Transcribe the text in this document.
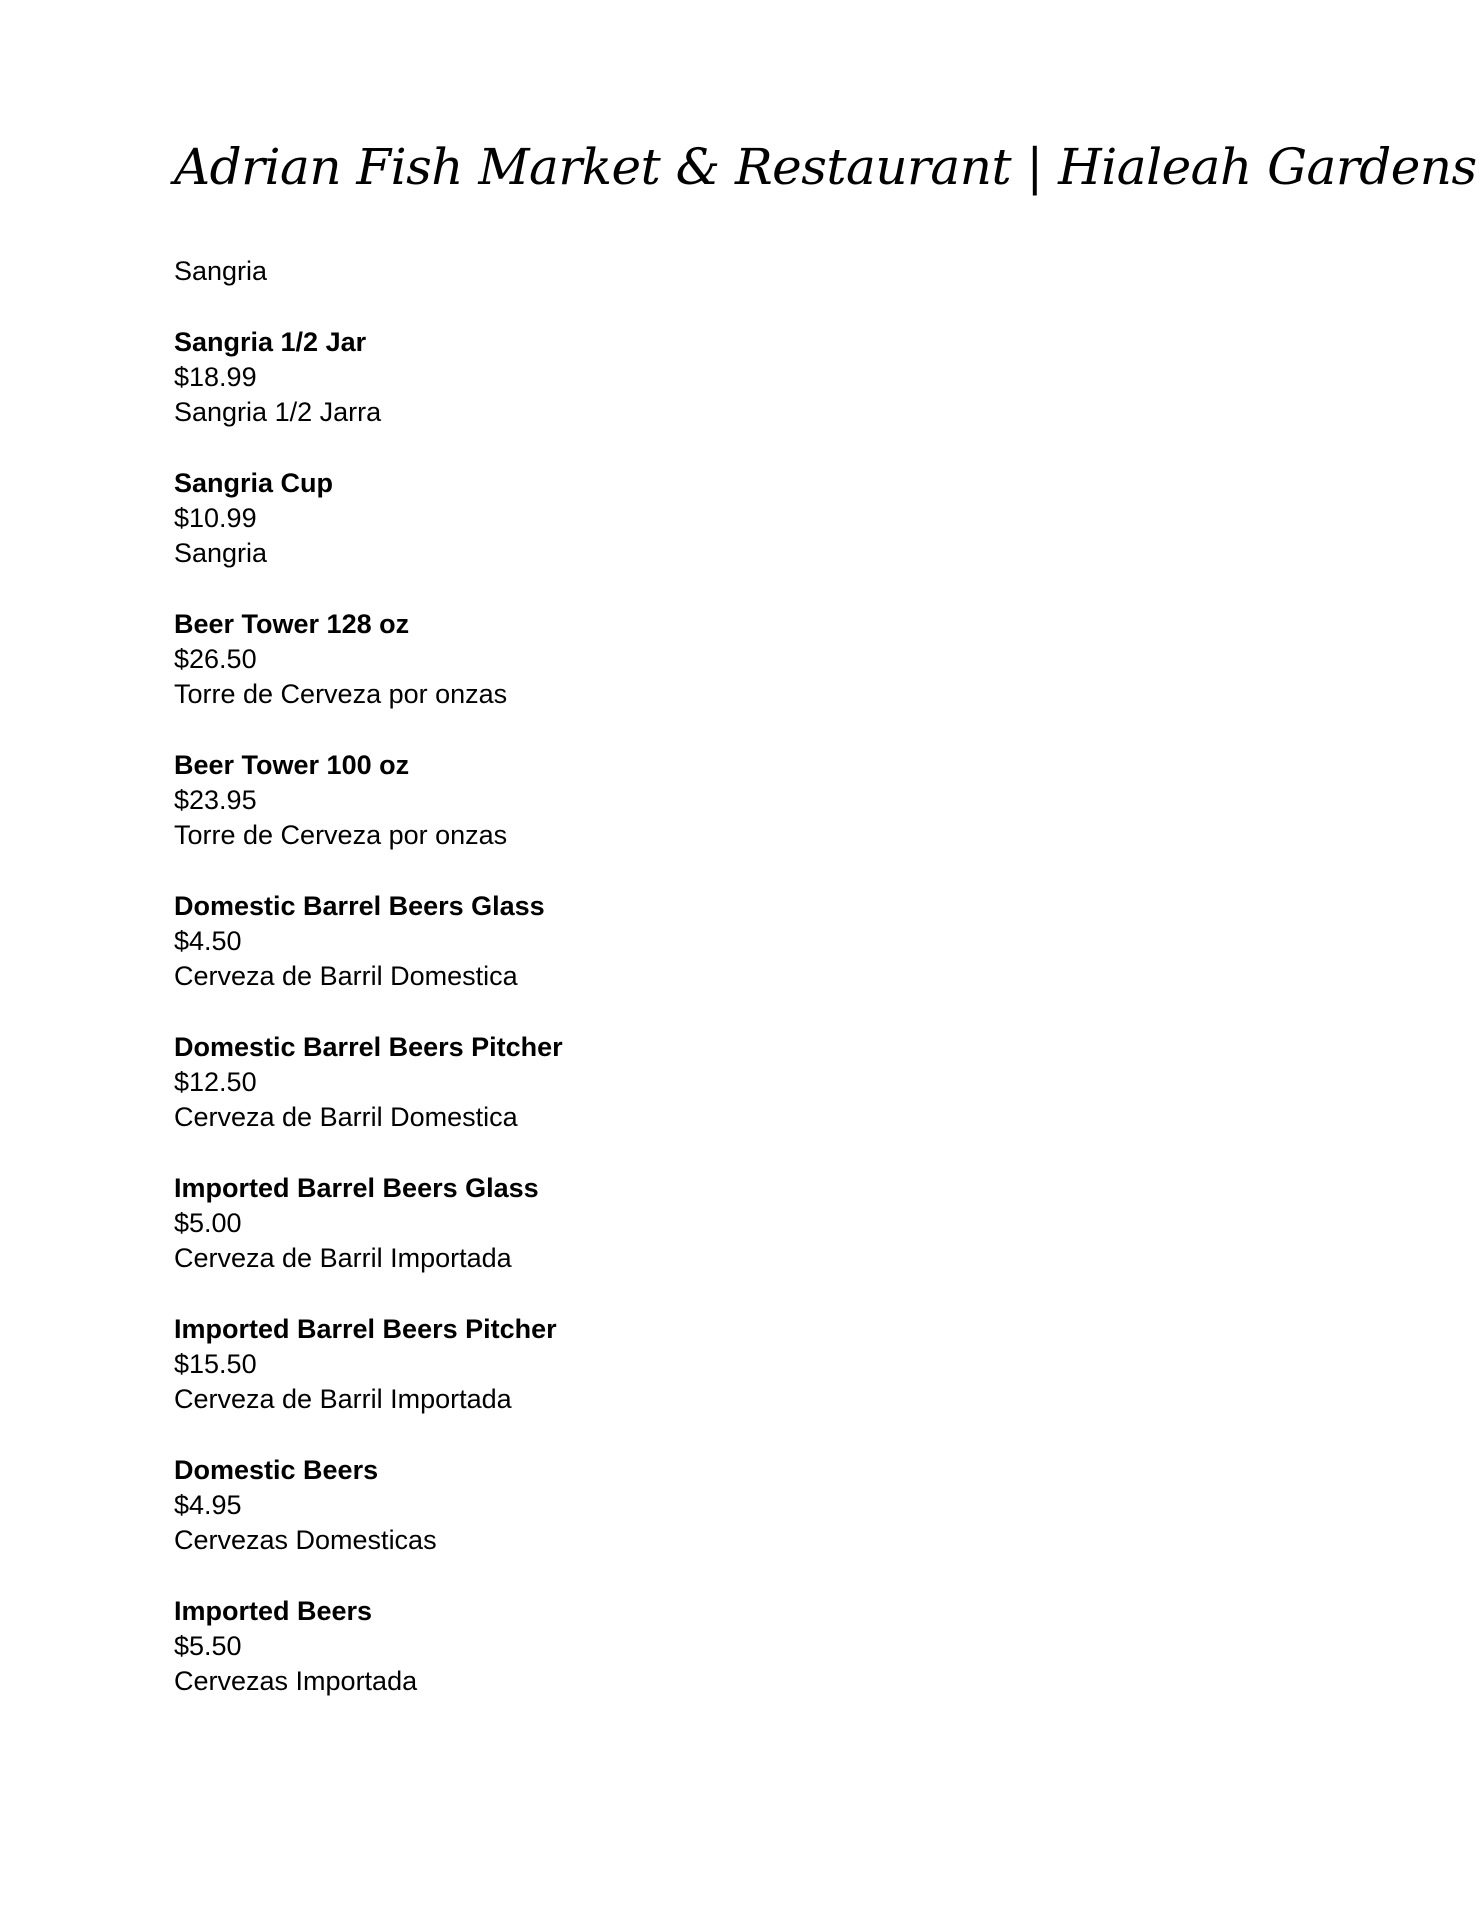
Adrian Fish Market & Restaurant | Hialeah Gardens
Sangria
Sangria 1/2 Jar
$18.99
Sangria 1/2 Jarra
Sangria Cup
$10.99
Sangria
Beer Tower 128 oz
$26.50
Torre de Cerveza por onzas
Beer Tower 100 oz
$23.95
Torre de Cerveza por onzas
Domestic Barrel Beers Glass
$4.50
Cerveza de Barril Domestica
Domestic Barrel Beers Pitcher
$12.50
Cerveza de Barril Domestica
Imported Barrel Beers Glass
$5.00
Cerveza de Barril Importada
Imported Barrel Beers Pitcher
$15.50
Cerveza de Barril Importada
Domestic Beers
$4.95
Cervezas Domesticas
Imported Beers
$5.50
Cervezas Importada
